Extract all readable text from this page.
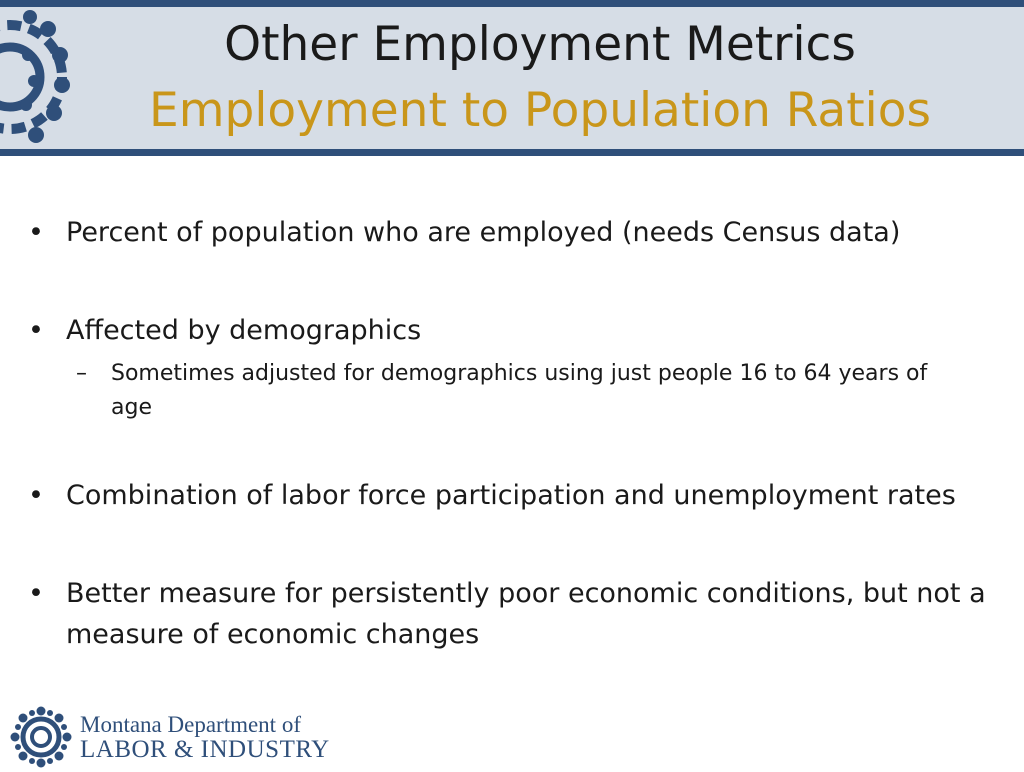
Other Employment Metrics
Employment to Population Ratios
• Percent of population who are employed (needs Census data)
• Affected by demographics
– Sometimes adjusted for demographics using just people 16 to 64 years of age
• Combination of labor force participation and unemployment rates
• Better measure for persistently poor economic conditions, but not a measure of economic changes
Montana Department of
LABOR & INDUSTRY
